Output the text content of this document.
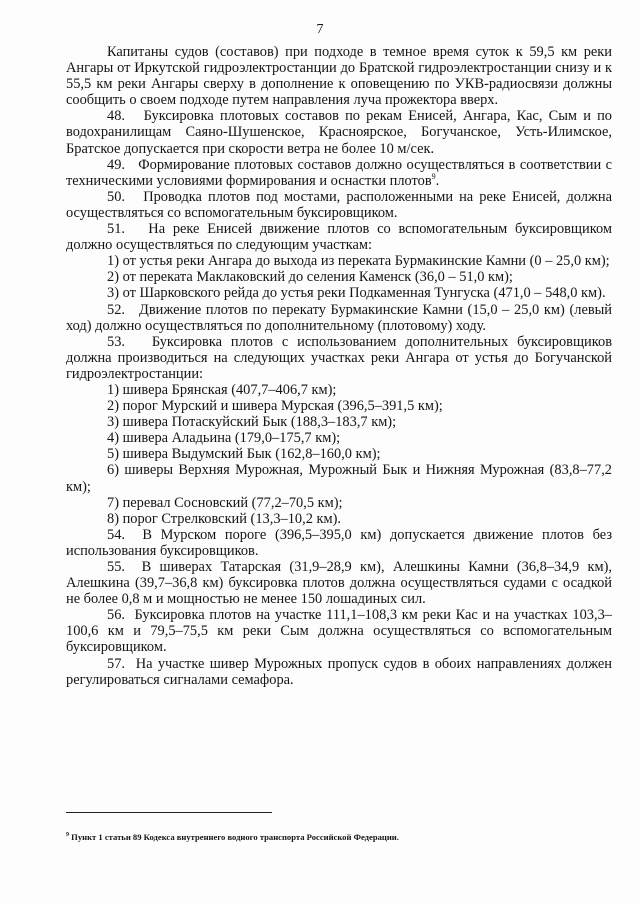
7

Капитаны судов (составов) при подходе в темное время суток к 59,5 км реки Ангары от Иркутской гидроэлектростанции до Братской гидроэлектростанции снизу и к 55,5 км реки Ангары сверху в дополнение к оповещению по УКВ-радиосвязи должны сообщить о своем подходе путем направления луча прожектора вверх.

48.   Буксировка плотовых составов по рекам Енисей, Ангара, Кас, Сым и по водохранилищам Саяно-Шушенское, Красноярское, Богучанское, Усть-Илимское, Братское допускается при скорости ветра не более 10 м/сек.

49.   Формирование плотовых составов должно осуществляться в соответствии с техническими условиями формирования и оснастки плотов$^9$.

50.   Проводка плотов под мостами, расположенными на реке Енисей, должна осуществляться со вспомогательным буксировщиком.

51.   На реке Енисей движение плотов со вспомогательным буксировщиком должно осуществляться по следующим участкам:

1) от устья реки Ангара до выхода из переката Бурмакинские Камни (0 – 25,0 км);

2) от переката Маклаковский до селения Каменск (36,0 – 51,0 км);

3) от Шарковского рейда до устья реки Подкаменная Тунгуска (471,0 – 548,0 км).

52.   Движение плотов по перекату Бурмакинские Камни (15,0 – 25,0 км) (левый ход) должно осуществляться по дополнительному (плотовому) ходу.

53.   Буксировка плотов с использованием дополнительных буксировщиков должна производиться на следующих участках реки Ангара от устья до Богучанской гидроэлектростанции:

1) шивера Брянская (407,7–406,7 км);

2) порог Мурский и шивера Мурская (396,5–391,5 км);

3) шивера Потаскуйский Бык (188,3–183,7 км);

4) шивера Аладьина (179,0–175,7 км);

5) шивера Выдумский Бык (162,8–160,0 км);

6) шиверы Верхняя Мурожная, Мурожный Бык и Нижняя Мурожная (83,8–77,2 км);

7) перевал Сосновский (77,2–70,5 км);

8) порог Стрелковский (13,3–10,2 км).

54.  В Мурском пороге (396,5–395,0 км) допускается движение плотов без использования буксировщиков.

55.  В шиверах Татарская (31,9–28,9 км), Алешкины Камни (36,8–34,9 км), Алешкина (39,7–36,8 км) буксировка плотов должна осуществляться судами с осадкой не более 0,8 м и мощностью не менее 150 лошадиных сил.

56.  Буксировка плотов на участке 111,1–108,3 км реки Кас и на участках 103,3–100,6 км и 79,5–75,5 км реки Сым должна осуществляться со вспомогательным буксировщиком.

57.  На участке шивер Мурожных пропуск судов в обоих направлениях должен регулироваться сигналами семафора.

$^9$ Пункт 1 статьи 89 Кодекса внутреннего водного транспорта Российской Федерации.
